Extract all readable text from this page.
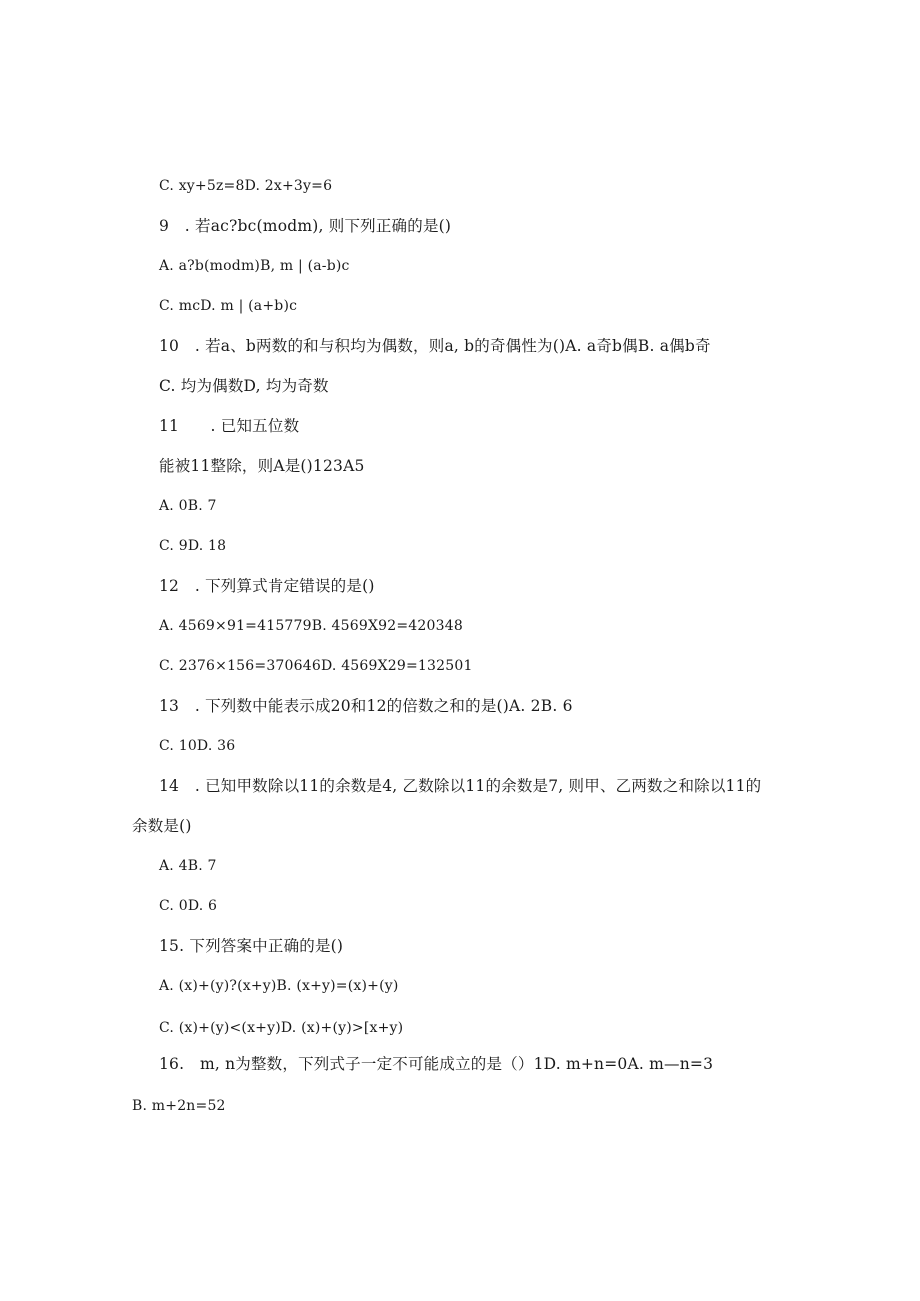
C. xy+5z=8D. 2x+3y=6
9　. 若ac?bc(modm), 则下列正确的是()
A. a?b(modm)B, m | (a-b)c
C. mcD. m | (a+b)c
10　. 若a、b两数的和与积均为偶数，则a, b的奇偶性为()A. a奇b偶B. a偶b奇
C. 均为偶数D, 均为奇数
11　　. 已知五位数
能被11整除，则A是()123A5
A. 0B. 7
C. 9D. 18
12　. 下列算式肯定错误的是()
A. 4569×91=415779B. 4569X92=420348
C. 2376×156=370646D. 4569X29=132501
13　. 下列数中能表示成20和12的倍数之和的是()A. 2B. 6
C. 10D. 36
14　. 已知甲数除以11的余数是4, 乙数除以11的余数是7, 则甲、乙两数之和除以11的
余数是()
A. 4B. 7
C. 0D. 6
15. 下列答案中正确的是()
A. (x)+(y)?(x+y)B. (x+y)=(x)+(y)
C. (x)+(y)<(x+y)D. (x)+(y)>[x+y)
16.　m, n为整数，下列式子一定不可能成立的是（）1D. m+n=0A. m—n=3
B. m+2n=52
